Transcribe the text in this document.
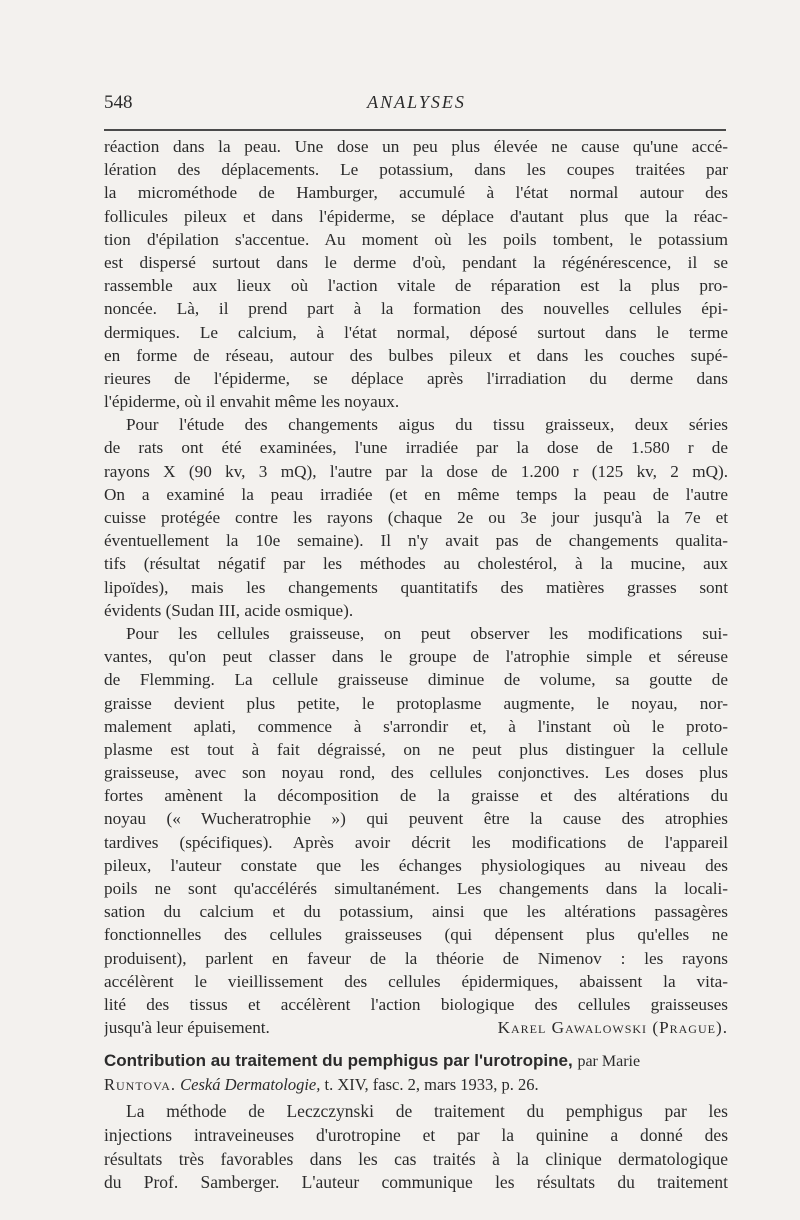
548	ANALYSES
réaction dans la peau. Une dose un peu plus élevée ne cause qu'une accé-
lération des déplacements. Le potassium, dans les coupes traitées par
la microméthode de Hamburger, accumulé à l'état normal autour des
follicules pileux et dans l'épiderme, se déplace d'autant plus que la réac-
tion d'épilation s'accentue. Au moment où les poils tombent, le potassium
est dispersé surtout dans le derme d'où, pendant la régénérescence, il se
rassemble aux lieux où l'action vitale de réparation est la plus pro-
noncée. Là, il prend part à la formation des nouvelles cellules épi-
dermiques. Le calcium, à l'état normal, déposé surtout dans le terme
en forme de réseau, autour des bulbes pileux et dans les couches supé-
rieures de l'épiderme, se déplace après l'irradiation du derme dans
l'épiderme, où il envahit même les noyaux.
Pour l'étude des changements aigus du tissu graisseux, deux séries
de rats ont été examinées, l'une irradiée par la dose de 1.580 r de
rayons X (90 kv, 3 mQ), l'autre par la dose de 1.200 r (125 kv, 2 mQ).
On a examiné la peau irradiée (et en même temps la peau de l'autre
cuisse protégée contre les rayons (chaque 2e ou 3e jour jusqu'à la 7e et
éventuellement la 10e semaine). Il n'y avait pas de changements qualita-
tifs (résultat négatif par les méthodes au cholestérol, à la mucine, aux
lipoïdes), mais les changements quantitatifs des matières grasses sont
évidents (Sudan III, acide osmique).
Pour les cellules graisseuse, on peut observer les modifications sui-
vantes, qu'on peut classer dans le groupe de l'atrophie simple et séreuse
de Flemming. La cellule graisseuse diminue de volume, sa goutte de
graisse devient plus petite, le protoplasme augmente, le noyau, nor-
malement aplati, commence à s'arrondir et, à l'instant où le proto-
plasme est tout à fait dégraissé, on ne peut plus distinguer la cellule
graisseuse, avec son noyau rond, des cellules conjonctives. Les doses plus
fortes amènent la décomposition de la graisse et des altérations du
noyau (« Wucheratrophie ») qui peuvent être la cause des atrophies
tardives (spécifiques). Après avoir décrit les modifications de l'appareil
pileux, l'auteur constate que les échanges physiologiques au niveau des
poils ne sont qu'accélérés simultanément. Les changements dans la locali-
sation du calcium et du potassium, ainsi que les altérations passagères
fonctionnelles des cellules graisseuses (qui dépensent plus qu'elles ne
produisent), parlent en faveur de la théorie de Nimenov : les rayons
accélèrent le vieillissement des cellules épidermiques, abaissent la vita-
lité des tissus et accélèrent l'action biologique des cellules graisseuses
jusqu'à leur épuisement.	Karel Gawalowski (Prague).
Contribution au traitement du pemphigus par l'urotropine, par Marie
Runtova. Ceská Dermatologie, t. XIV, fasc. 2, mars 1933, p. 26.
La méthode de Leczczynski de traitement du pemphigus par les
injections intraveineuses d'urotropine et par la quinine a donné des
résultats très favorables dans les cas traités à la clinique dermatologique
du Prof. Samberger. L'auteur communique les résultats du traitement
